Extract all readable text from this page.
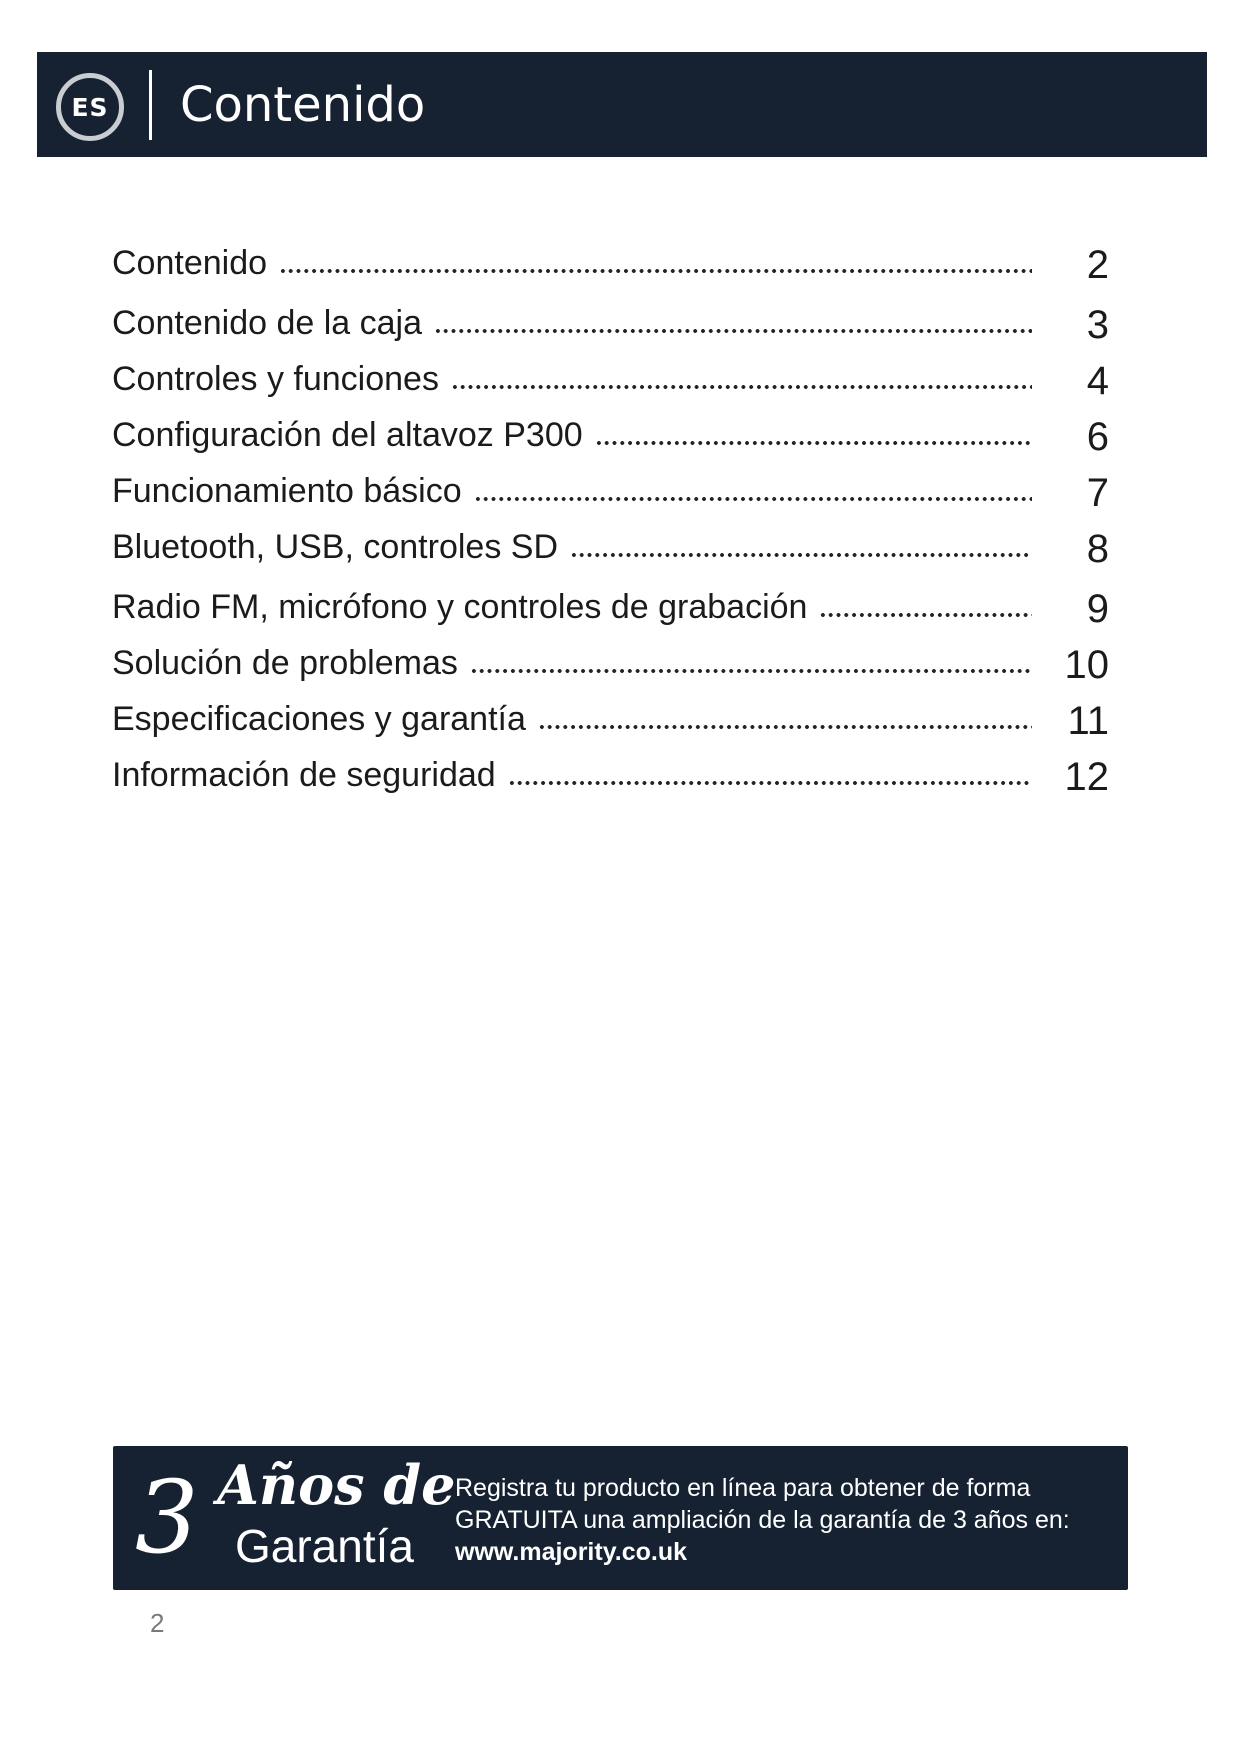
ES	Contenido
Contenido	2
Contenido de la caja	3
Controles y funciones	4
Configuración del altavoz P300	6
Funcionamiento básico	7
Bluetooth, USB, controles SD	8
Radio FM, micrófono y controles de grabación	9
Solución de problemas	10
Especificaciones y garantía	11
Información de seguridad	12
3 Años de
Garantía
Registra tu producto en línea para obtener de forma
GRATUITA una ampliación de la garantía de 3 años en:
www.majority.co.uk
2
